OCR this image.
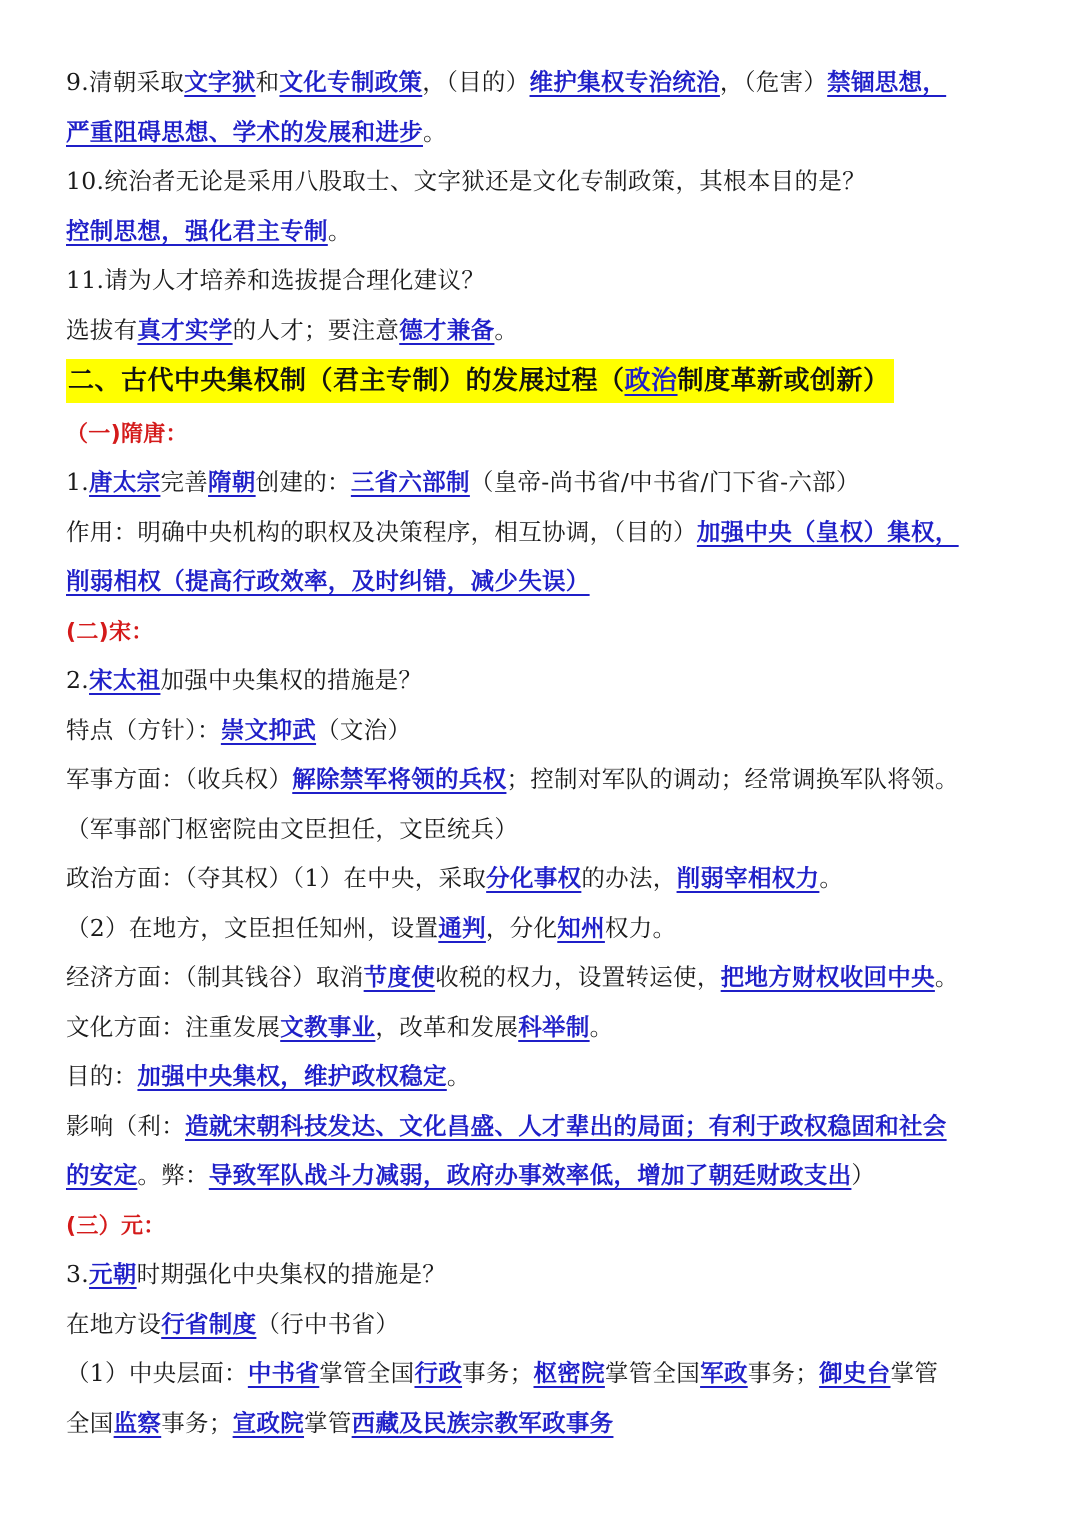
9.清朝采取文字狱和文化专制政策，（目的）维护集权专治统治，（危害）禁锢思想，
严重阻碍思想、学术的发展和进步。
10.统治者无论是采用八股取士、文字狱还是文化专制政策，其根本目的是？
控制思想，强化君主专制。
11.请为人才培养和选拔提合理化建议？
选拔有真才实学的人才；要注意德才兼备。
二、古代中央集权制（君主专制）的发展过程（政治制度革新或创新）
（一)隋唐：
1.唐太宗完善隋朝创建的：三省六部制（皇帝-尚书省/中书省/门下省-六部）
作用：明确中央机构的职权及决策程序，相互协调，（目的）加强中央（皇权）集权，
削弱相权（提高行政效率，及时纠错，减少失误）
(二)宋：
2.宋太祖加强中央集权的措施是？
特点（方针）：崇文抑武（文治）
军事方面：（收兵权）解除禁军将领的兵权；控制对军队的调动；经常调换军队将领。
（军事部门枢密院由文臣担任，文臣统兵）
政治方面：（夺其权）（1）在中央，采取分化事权的办法，削弱宰相权力。
（2）在地方，文臣担任知州，设置通判，分化知州权力。
经济方面：（制其钱谷）取消节度使收税的权力，设置转运使，把地方财权收回中央。
文化方面：注重发展文教事业，改革和发展科举制。
目的：加强中央集权，维护政权稳定。
影响（利：造就宋朝科技发达、文化昌盛、人才辈出的局面；有利于政权稳固和社会
的安定。弊：导致军队战斗力减弱，政府办事效率低，增加了朝廷财政支出）
(三）元：
3.元朝时期强化中央集权的措施是？
在地方设行省制度（行中书省）
（1）中央层面：中书省掌管全国行政事务；枢密院掌管全国军政事务；御史台掌管
全国监察事务；宣政院掌管西藏及民族宗教军政事务
